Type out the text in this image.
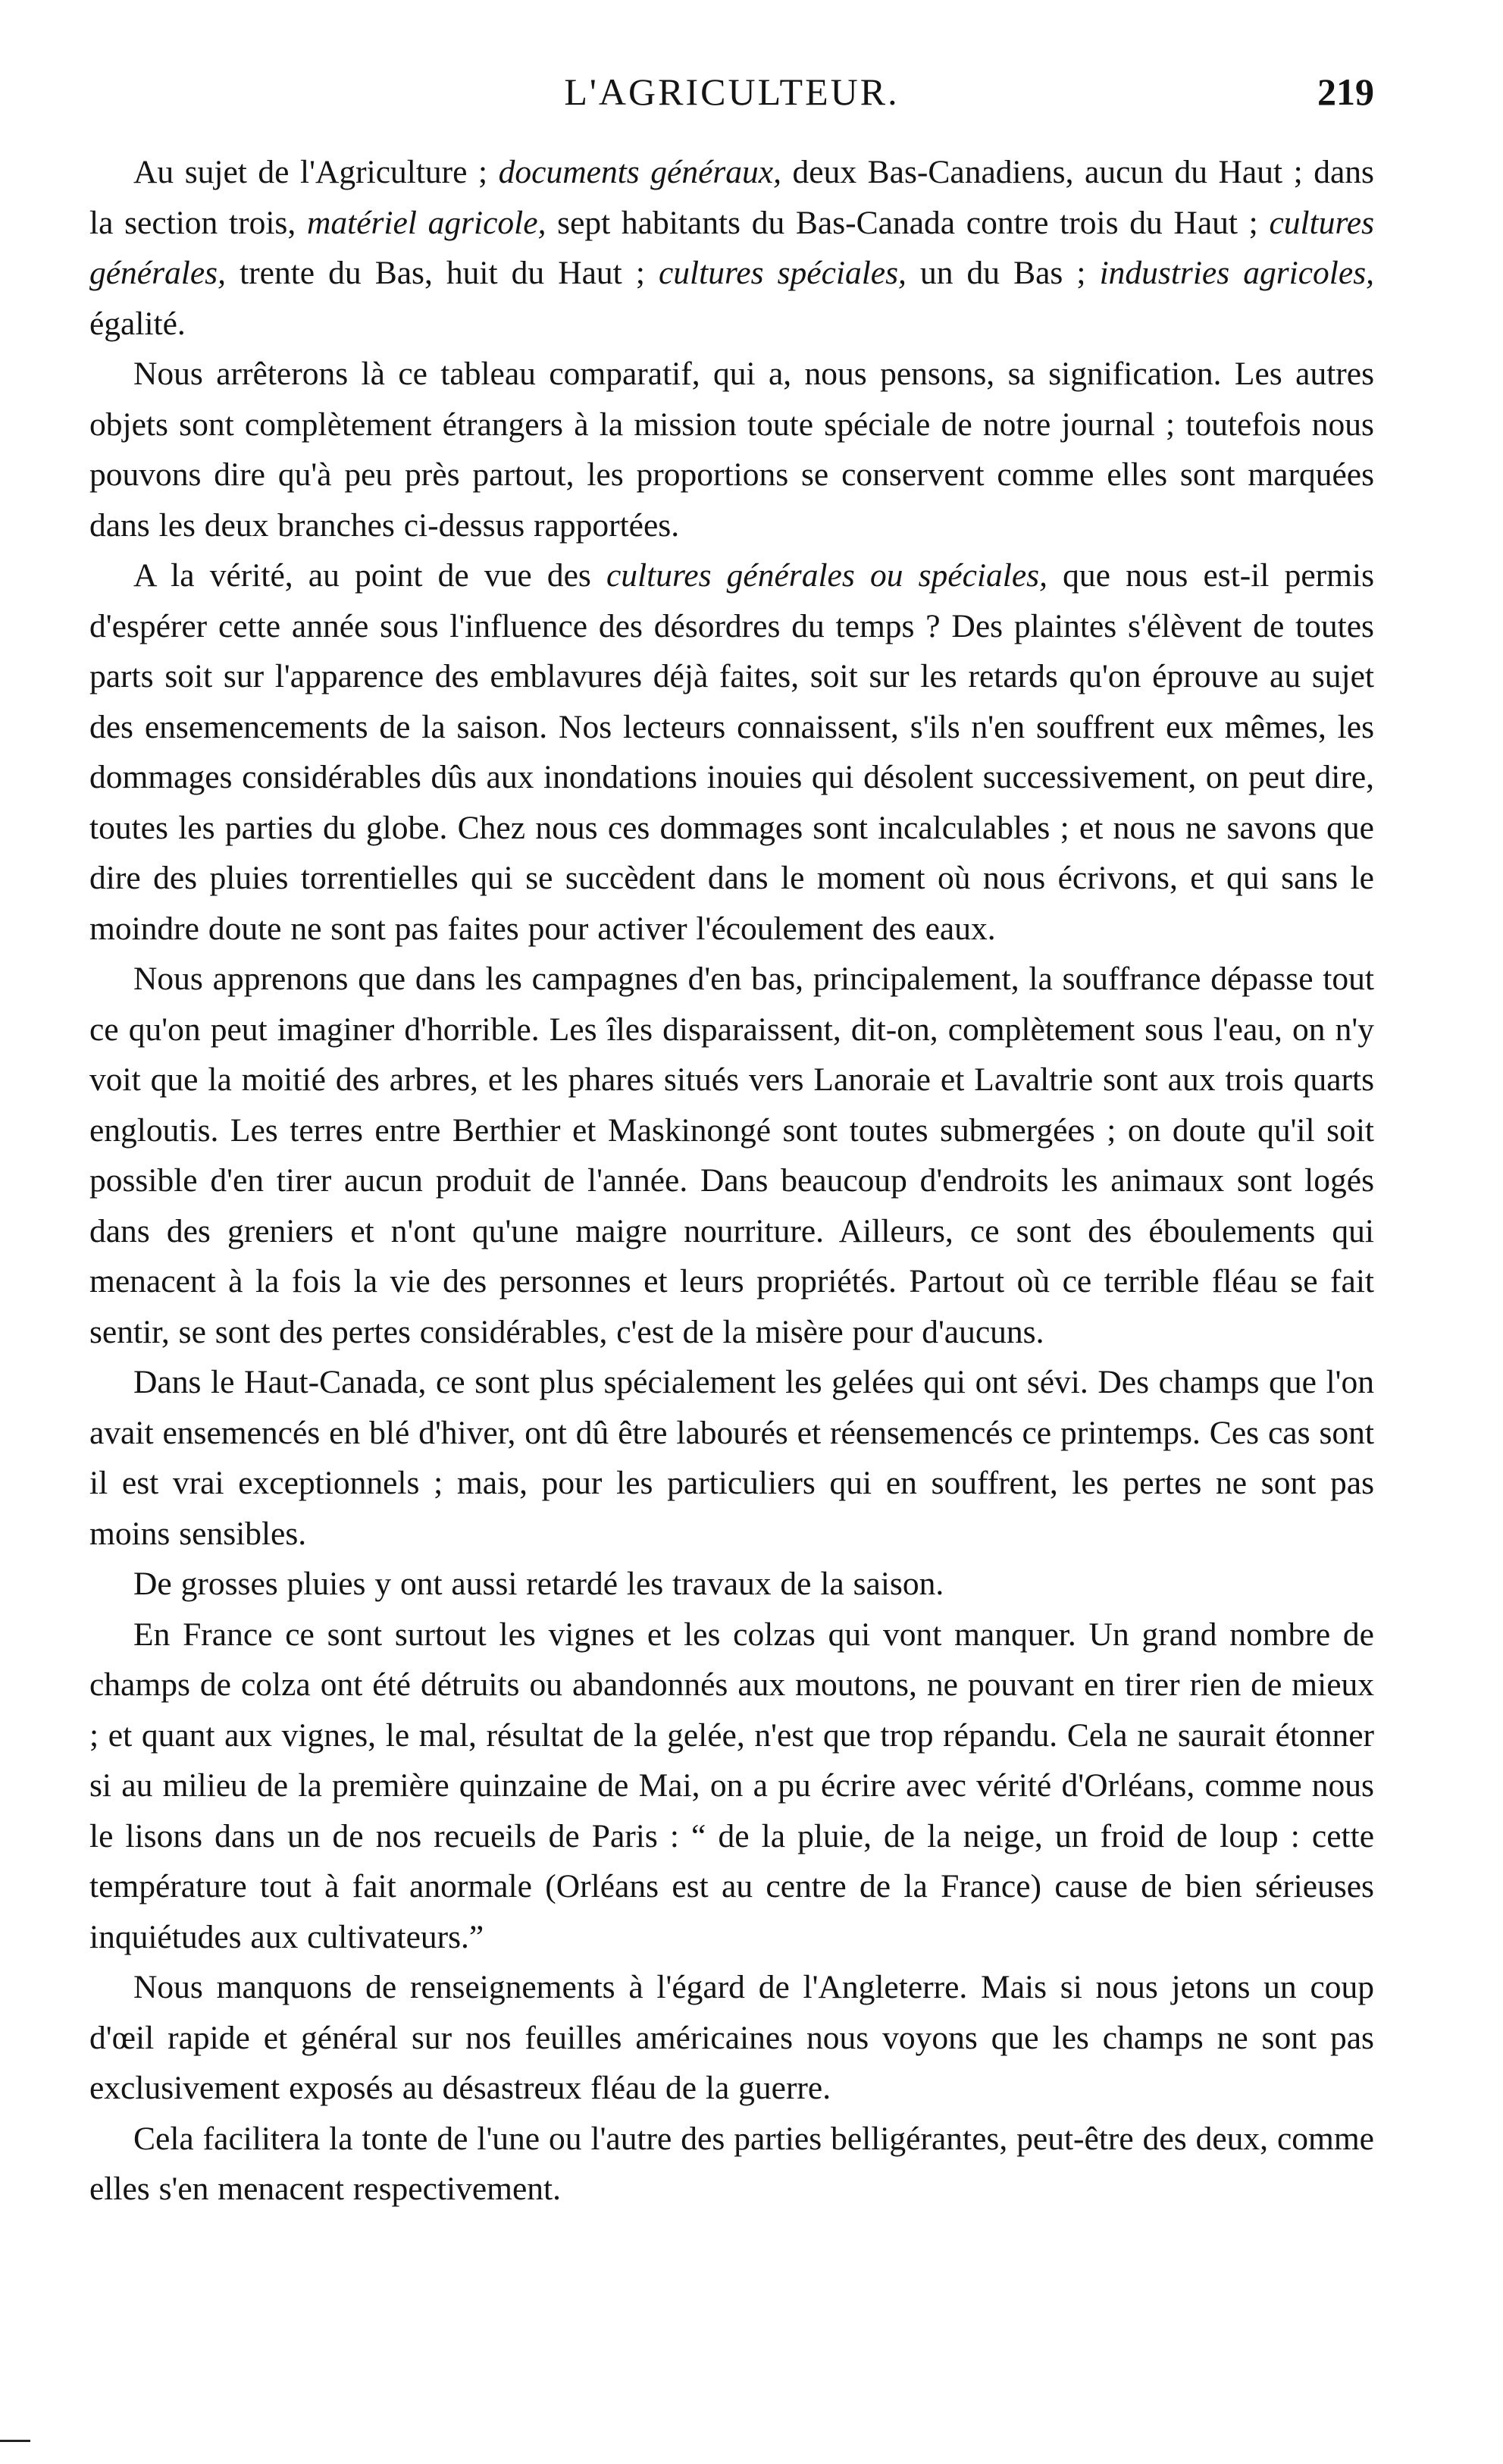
L'AGRICULTEUR.	219

Au sujet de l'Agriculture ; documents généraux, deux Bas-Canadiens, aucun du Haut ; dans la section trois, matériel agricole, sept habitants du Bas-Canada contre trois du Haut ; cultures générales, trente du Bas, huit du Haut ; cultures spéciales, un du Bas ; industries agricoles, égalité.

Nous arrêterons là ce tableau comparatif, qui a, nous pensons, sa signification. Les autres objets sont complètement étrangers à la mission toute spéciale de notre journal ; toutefois nous pouvons dire qu'à peu près partout, les proportions se conservent comme elles sont marquées dans les deux branches ci-dessus rapportées.

A la vérité, au point de vue des cultures générales ou spéciales, que nous est-il permis d'espérer cette année sous l'influence des désordres du temps ? Des plaintes s'élèvent de toutes parts soit sur l'apparence des emblavures déjà faites, soit sur les retards qu'on éprouve au sujet des ensemencements de la saison. Nos lecteurs connaissent, s'ils n'en souffrent eux mêmes, les dommages considérables dûs aux inondations inouies qui désolent successivement, on peut dire, toutes les parties du globe. Chez nous ces dommages sont incalculables ; et nous ne savons que dire des pluies torrentielles qui se succèdent dans le moment où nous écrivons, et qui sans le moindre doute ne sont pas faites pour activer l'écoulement des eaux.

Nous apprenons que dans les campagnes d'en bas, principalement, la souffrance dépasse tout ce qu'on peut imaginer d'horrible. Les îles disparaissent, dit-on, complètement sous l'eau, on n'y voit que la moitié des arbres, et les phares situés vers Lanoraie et Lavaltrie sont aux trois quarts engloutis. Les terres entre Berthier et Maskinongé sont toutes submergées ; on doute qu'il soit possible d'en tirer aucun produit de l'année. Dans beaucoup d'endroits les animaux sont logés dans des greniers et n'ont qu'une maigre nourriture. Ailleurs, ce sont des éboulements qui menacent à la fois la vie des personnes et leurs propriétés. Partout où ce terrible fléau se fait sentir, se sont des pertes considérables, c'est de la misère pour d'aucuns.

Dans le Haut-Canada, ce sont plus spécialement les gelées qui ont sévi. Des champs que l'on avait ensemencés en blé d'hiver, ont dû être labourés et réensemencés ce printemps. Ces cas sont il est vrai exceptionnels ; mais, pour les particuliers qui en souffrent, les pertes ne sont pas moins sensibles.

De grosses pluies y ont aussi retardé les travaux de la saison.

En France ce sont surtout les vignes et les colzas qui vont manquer. Un grand nombre de champs de colza ont été détruits ou abandonnés aux moutons, ne pouvant en tirer rien de mieux ; et quant aux vignes, le mal, résultat de la gelée, n'est que trop répandu. Cela ne saurait étonner si au milieu de la première quinzaine de Mai, on a pu écrire avec vérité d'Orléans, comme nous le lisons dans un de nos recueils de Paris : “ de la pluie, de la neige, un froid de loup : cette température tout à fait anormale (Orléans est au centre de la France) cause de bien sérieuses inquiétudes aux cultivateurs.”

Nous manquons de renseignements à l'égard de l'Angleterre. Mais si nous jetons un coup d'œil rapide et général sur nos feuilles américaines nous voyons que les champs ne sont pas exclusivement exposés au désastreux fléau de la guerre.

Cela facilitera la tonte de l'une ou l'autre des parties belligérantes, peut-être des deux, comme elles s'en menacent respectivement.
